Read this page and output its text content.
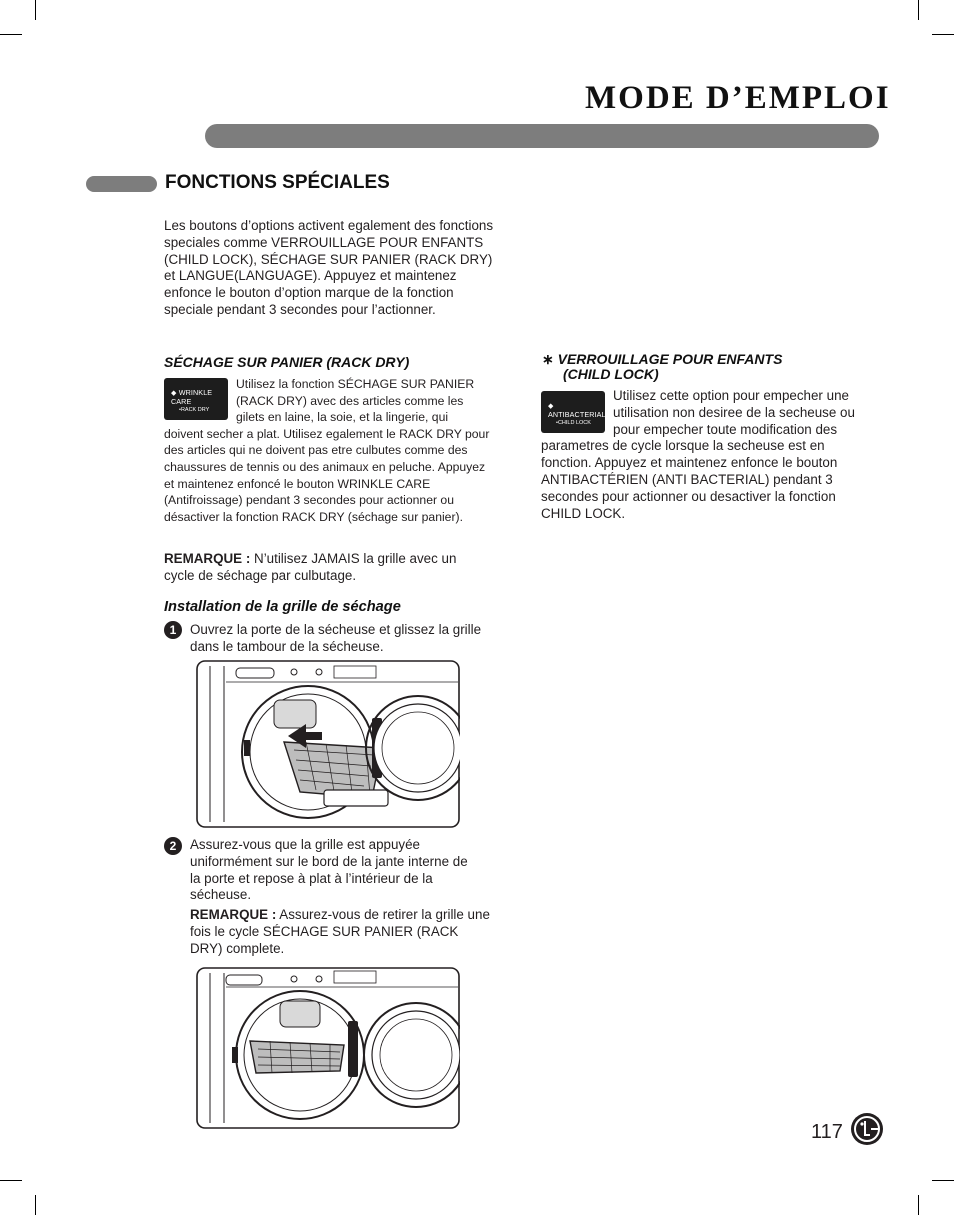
MODE D’EMPLOI
FONCTIONS SPÉCIALES
Les boutons d’options activent egalement des fonctions speciales comme VERROUILLAGE POUR ENFANTS (CHILD LOCK), SÉCHAGE SUR PANIER (RACK DRY) et LANGUE(LANGUAGE). Appuyez et maintenez enfonce le bouton d’option marque de la fonction speciale pendant 3 secondes pour l’actionner.
SÉCHAGE SUR PANIER (RACK DRY)
◆ WRINKLE CARE
•RACK DRY
Utilisez la fonction SÉCHAGE SUR PANIER (RACK DRY) avec des articles comme les gilets en laine, la soie, et la lingerie, qui doivent secher a plat. Utilisez egalement le RACK DRY pour des articles qui ne doivent pas etre culbutes comme des chaussures de tennis ou des animaux en peluche. Appuyez et maintenez enfoncé le bouton WRINKLE CARE (Antifroissage) pendant 3 secondes pour actionner ou désactiver la fonction RACK DRY (séchage sur panier).
REMARQUE : N’utilisez JAMAIS la grille avec un cycle de séchage par culbutage.
Installation de la grille de séchage
1	Ouvrez la porte de la sécheuse et glissez la grille dans le tambour de la sécheuse.
2	Assurez-vous que la grille est appuyée uniformément sur le bord de la jante interne de la porte et repose à plat à l’intérieur de la sécheuse.
REMARQUE : Assurez-vous de retirer la grille une fois le cycle SÉCHAGE SUR PANIER (RACK DRY) complete.
∗ VERROUILLAGE POUR ENFANTS
(CHILD LOCK)
◆ ANTIBACTERIAL
•CHILD LOCK
Utilisez cette option pour empecher une utilisation non desiree de la secheuse ou pour empecher toute modification des parametres de cycle lorsque la secheuse est en fonction. Appuyez et maintenez enfonce le bouton ANTIBACTÉRIEN (ANTI BACTERIAL) pendant 3 secondes pour actionner ou desactiver la fonction CHILD LOCK.
117
